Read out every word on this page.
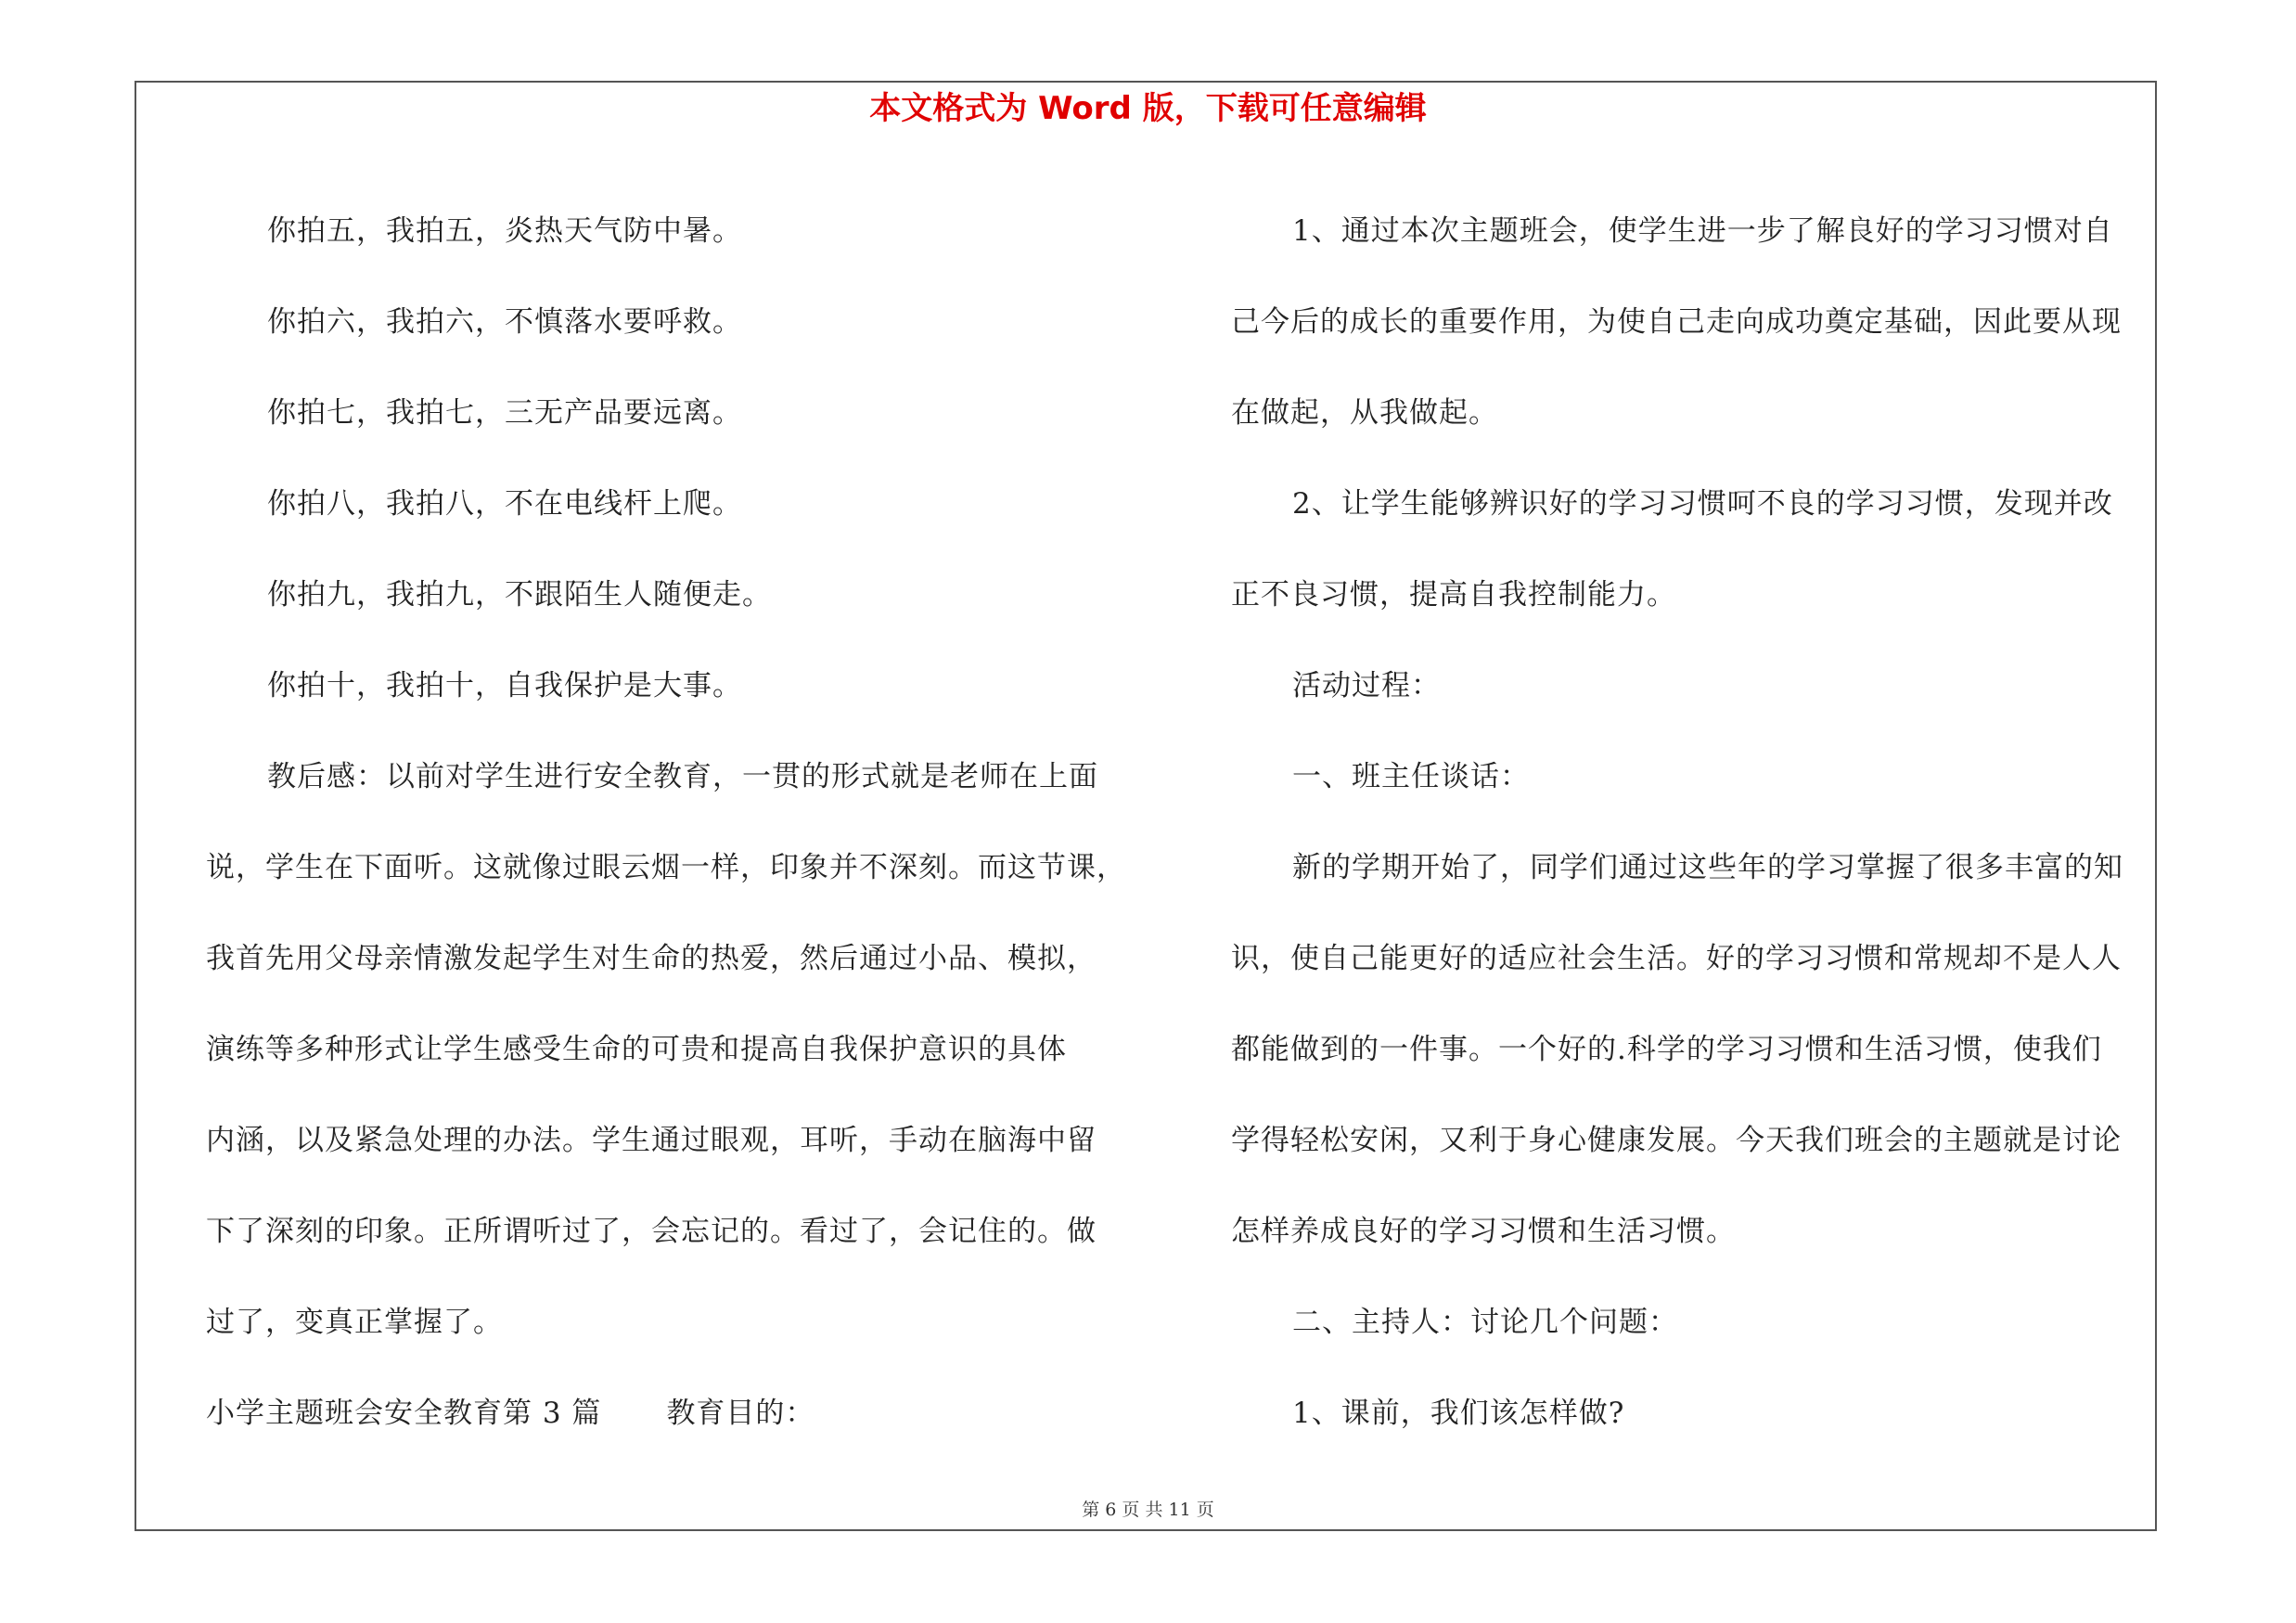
本文格式为 Word 版，下载可任意编辑
你拍五，我拍五，炎热天气防中暑。
你拍六，我拍六，不慎落水要呼救。
你拍七，我拍七，三无产品要远离。
你拍八，我拍八，不在电线杆上爬。
你拍九，我拍九，不跟陌生人随便走。
你拍十，我拍十，自我保护是大事。
教后感：以前对学生进行安全教育，一贯的形式就是老师在上面
说，学生在下面听。这就像过眼云烟一样，印象并不深刻。而这节课，
我首先用父母亲情激发起学生对生命的热爱，然后通过小品、模拟，
演练等多种形式让学生感受生命的可贵和提高自我保护意识的具体
内涵，以及紧急处理的办法。学生通过眼观，耳听，手动在脑海中留
下了深刻的印象。正所谓听过了，会忘记的。看过了，会记住的。做
过了，变真正掌握了。
小学主题班会安全教育第 3 篇 教育目的：
1、通过本次主题班会，使学生进一步了解良好的学习习惯对自
己今后的成长的重要作用，为使自己走向成功奠定基础，因此要从现
在做起，从我做起。
2、让学生能够辨识好的学习习惯呵不良的学习习惯，发现并改
正不良习惯，提高自我控制能力。
活动过程：
一、班主任谈话：
新的学期开始了，同学们通过这些年的学习掌握了很多丰富的知
识，使自己能更好的适应社会生活。好的学习习惯和常规却不是人人
都能做到的一件事。一个好的.科学的学习习惯和生活习惯，使我们
学得轻松安闲，又利于身心健康发展。今天我们班会的主题就是讨论
怎样养成良好的学习习惯和生活习惯。
二、主持人：讨论几个问题：
1、课前，我们该怎样做?
第 6 页 共 11 页
